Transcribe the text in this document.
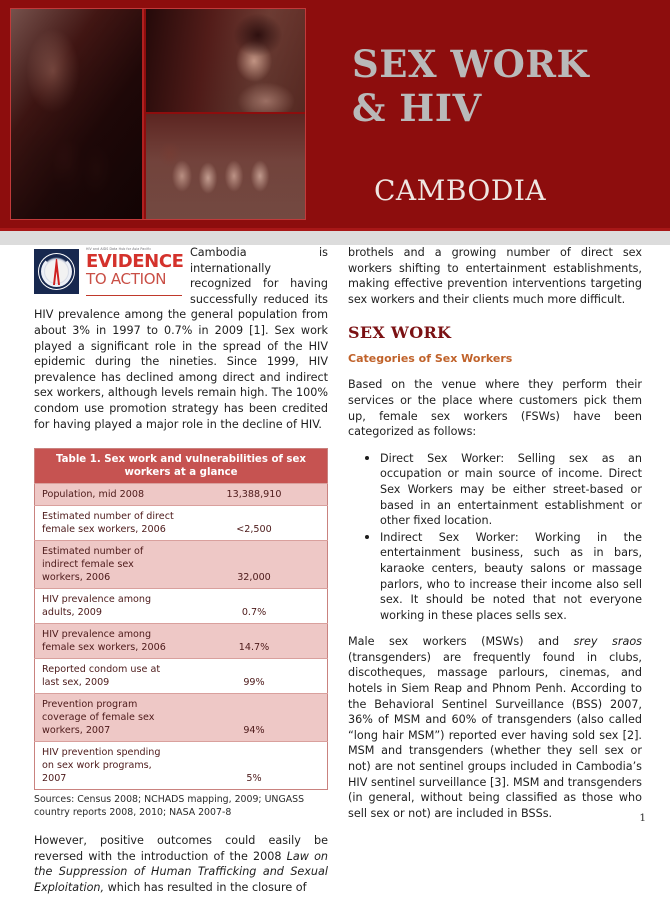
SEX WORK
& HIV
CAMBODIA
HIV and AIDS Data Hub for Asia Pacific
EVIDENCE
TO ACTION

Cambodia is internationally recognized for having successfully reduced its HIV prevalence among the general population from about 3% in 1997 to 0.7% in 2009 [1]. Sex work played a significant role in the spread of the HIV epidemic during the nineties. Since 1999, HIV prevalence has declined among direct and indirect sex workers, although levels remain high. The 100% condom use promotion strategy has been credited for having played a major role in the decline of HIV.

Table 1. Sex work and vulnerabilities of sex workers at a glance	
Population, mid 2008	13,388,910
Estimated number of direct female sex workers, 2006	<2,500
Estimated number of indirect female sex workers, 2006	32,000
HIV prevalence among adults, 2009	0.7%
HIV prevalence among female sex workers, 2006	14.7%
Reported condom use at last sex, 2009	99%
Prevention program coverage of female sex workers, 2007	94%
HIV prevention spending on sex work programs, 2007	5%

Sources: Census 2008; NCHADS mapping, 2009; UNGASS country reports 2008, 2010; NASA 2007-8

However, positive outcomes could easily be reversed with the introduction of the 2008 Law on the Suppression of Human Trafficking and Sexual Exploitation, which has resulted in the closure of

brothels and a growing number of direct sex workers shifting to entertainment establishments, making effective prevention interventions targeting sex workers and their clients much more difficult.

SEX WORK
Categories of Sex Workers

Based on the venue where they perform their services or the place where customers pick them up, female sex workers (FSWs) have been categorized as follows:

Direct Sex Worker: Selling sex as an occupation or main source of income. Direct Sex Workers may be either street-based or based in an entertainment establishment or other fixed location.
Indirect Sex Worker: Working in the entertainment business, such as in bars, karaoke centers, beauty salons or massage parlors, who to increase their income also sell sex. It should be noted that not everyone working in these places sells sex.

Male sex workers (MSWs) and srey sraos (transgenders) are frequently found in clubs, discotheques, massage parlours, cinemas, and hotels in Siem Reap and Phnom Penh. According to the Behavioral Sentinel Surveillance (BSS) 2007, 36% of MSM and 60% of transgenders (also called “long hair MSM”) reported ever having sold sex [2]. MSM and transgenders (whether they sell sex or not) are not sentinel groups included in Cambodia’s HIV sentinel surveillance [3]. MSM and transgenders (in general, without being classified as those who sell sex or not) are included in BSSs.	1
